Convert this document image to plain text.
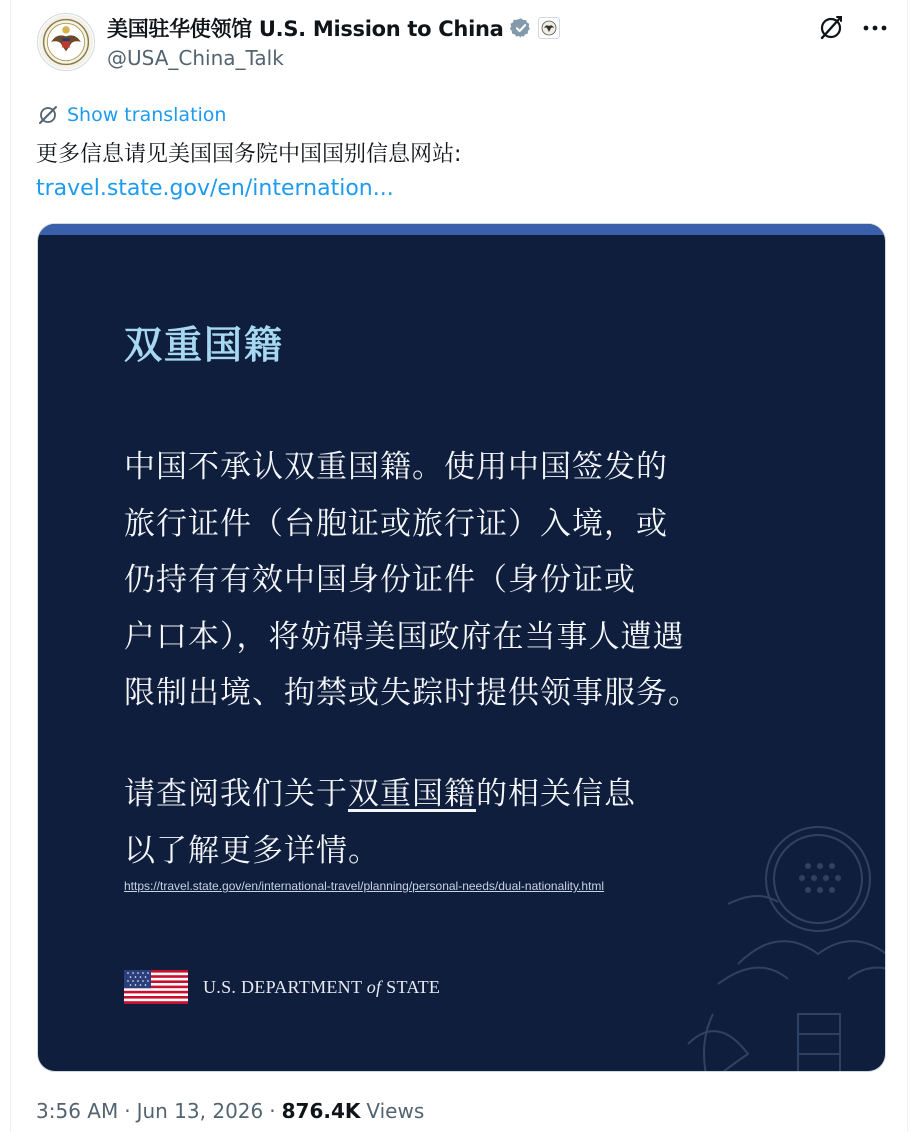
美国驻华使领馆 U.S. Mission to China
@USA_China_Talk
Show translation
更多信息请见美国国务院中国国别信息网站:
travel.state.gov/en/internation...
双重国籍
中国不承认双重国籍。使用中国签发的
旅行证件（台胞证或旅行证）入境，或
仍持有有效中国身份证件（身份证或
户口本），将妨碍美国政府在当事人遭遇
限制出境、拘禁或失踪时提供领事服务。
请查阅我们关于双重国籍的相关信息
以了解更多详情。
https://travel.state.gov/en/international-travel/planning/personal-needs/dual-nationality.html
U.S. DEPARTMENT of STATE
3:56 AM · Jun 13, 2026 · 876.4K Views
